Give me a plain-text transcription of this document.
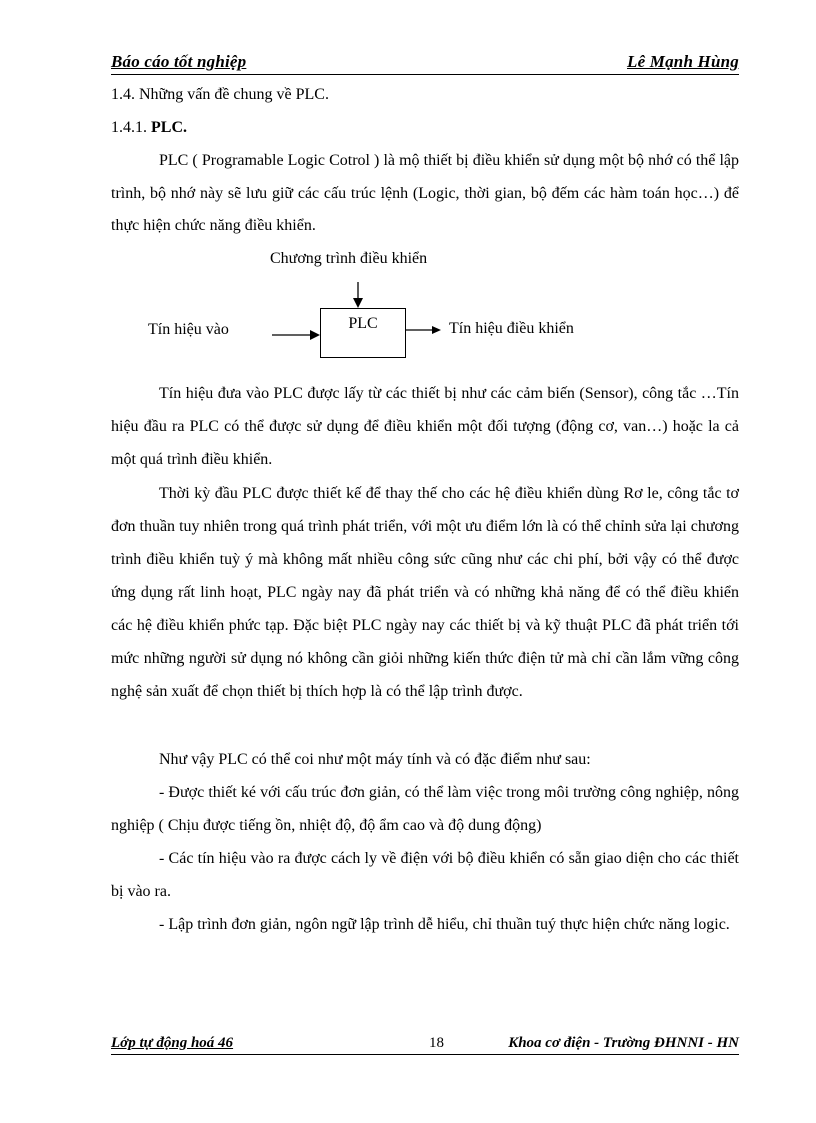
Báo cáo tốt nghiệp	Lê Mạnh Hùng
1.4. Những vấn đề chung về PLC.
1.4.1. PLC.

PLC ( Programable Logic Cotrol ) là mộ thiết bị điều khiển sử dụng một bộ nhớ có thể lập trình, bộ nhớ này sẽ lưu giữ các cấu trúc lệnh (Logic, thời gian, bộ đếm các hàm toán học…) để thực hiện chức năng điều khiển.

Chương trình điều khiển
Tín hiệu vào	PLC	Tín hiệu điều khiển

Tín hiệu đưa vào PLC được lấy từ các thiết bị như các cảm biến (Sensor), công tắc …Tín hiệu đầu ra PLC có thể được sử dụng để điều khiển một đối tượng (động cơ, van…) hoặc la cả một quá trình điều khiển.

Thời kỳ đầu PLC được thiết kế để thay thế cho các hệ điều khiển dùng Rơ le, công tắc tơ đơn thuần tuy nhiên trong quá trình phát triển, với một ưu điểm lớn là có thể chỉnh sửa lại chương trình điều khiển tuỳ ý mà không mất nhiều công sức cũng như các chi phí, bởi vậy có thể được ứng dụng rất linh hoạt, PLC ngày nay đã phát triển và có những khả năng để có thể điều khiển các hệ điều khiển phức tạp. Đặc biệt PLC ngày nay các thiết bị và kỹ thuật PLC đã phát triển tới mức những người sử dụng nó không cần giỏi những kiến thức điện tử mà chỉ cần lắm vững công nghệ sản xuất để chọn thiết bị thích hợp là có thể lập trình được.

Như vậy PLC có thể coi như một máy tính và có đặc điểm như sau:

- Được thiết ké với cấu trúc đơn giản, có thể làm việc trong môi trường công nghiệp, nông nghiệp ( Chịu được tiếng ồn, nhiệt độ, độ ẩm cao và độ dung động)

- Các tín hiệu vào ra được cách ly về điện với bộ điều khiển có sẵn giao diện cho các thiết bị vào ra.

- Lập trình đơn giản, ngôn ngữ lập trình dễ hiểu, chỉ thuần tuý thực hiện chức năng logic.

Lớp tự động hoá 46	18	Khoa cơ điện - Trường ĐHNNI - HN
